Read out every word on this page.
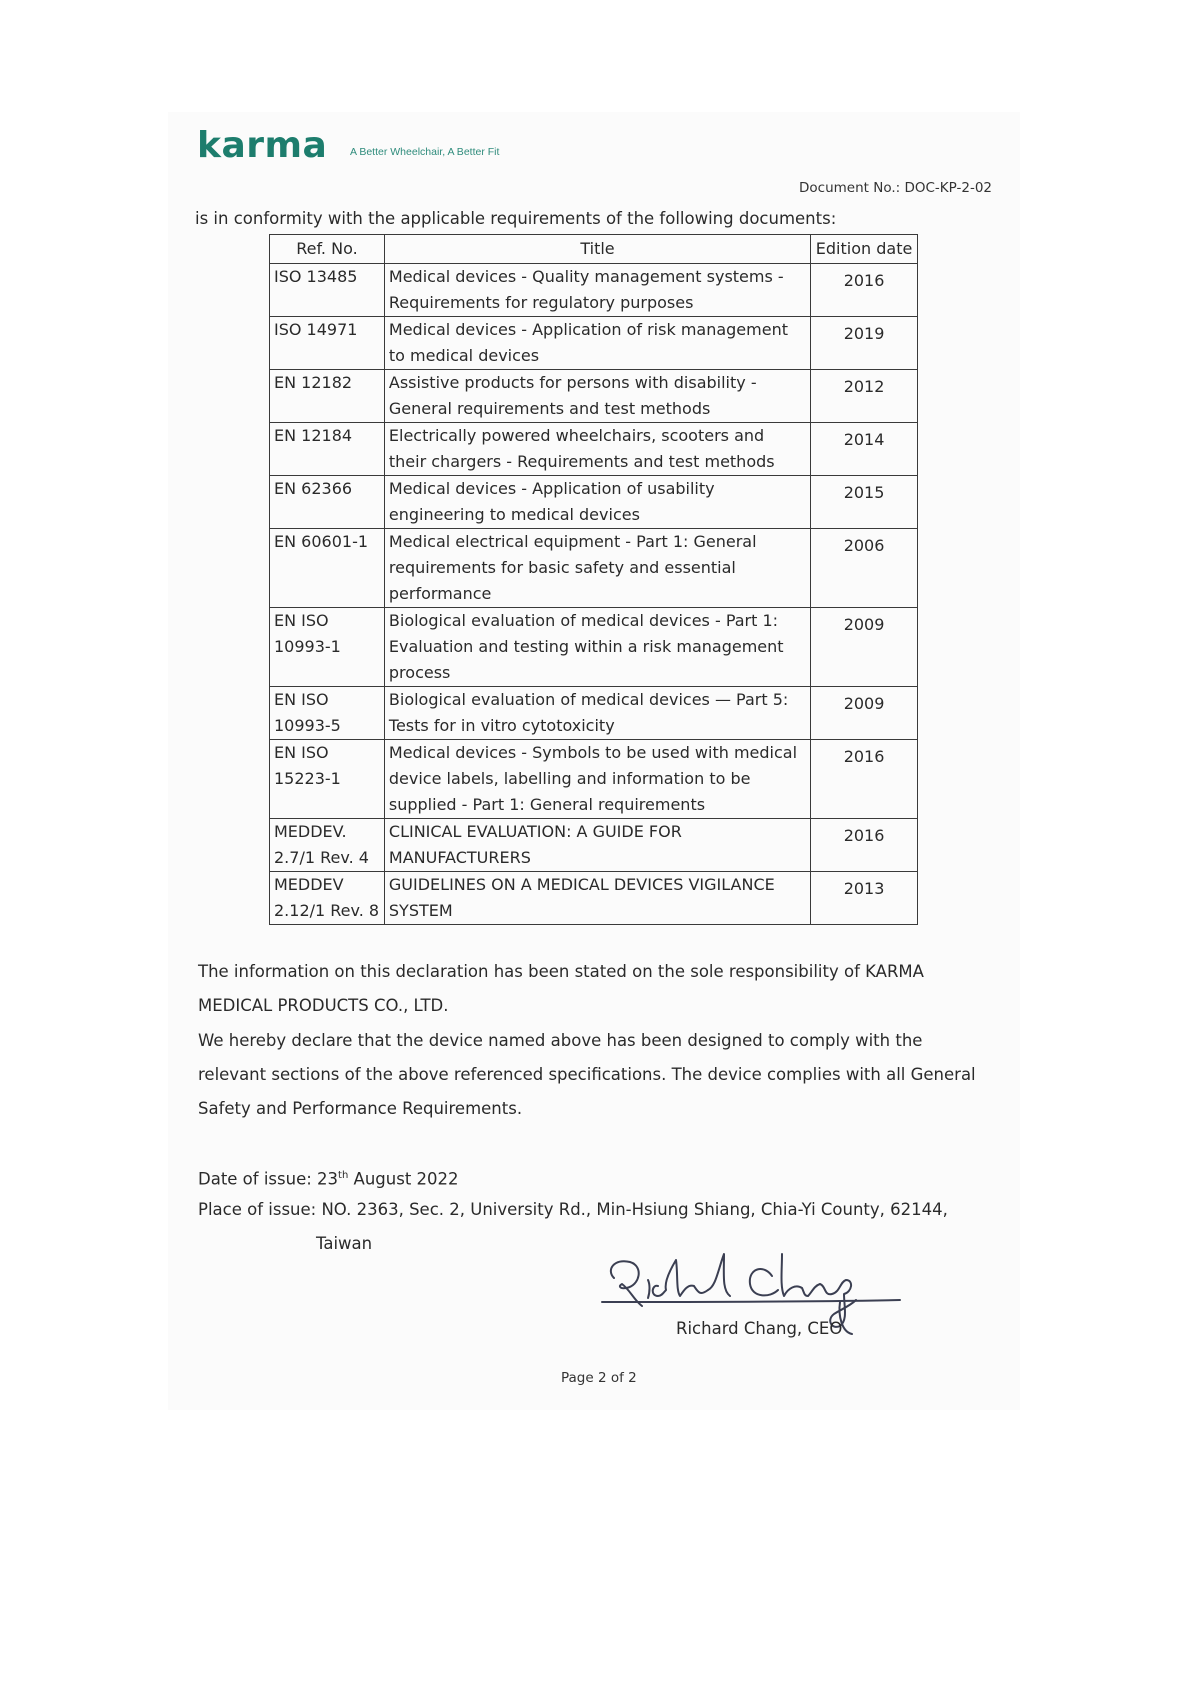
karma A Better Wheelchair, A Better Fit
Document No.: DOC-KP-2-02
is in conformity with the applicable requirements of the following documents:
Ref. No.	Title	Edition date
ISO 13485	Medical devices - Quality management systems - Requirements for regulatory purposes	2016
ISO 14971	Medical devices - Application of risk management to medical devices	2019
EN 12182	Assistive products for persons with disability - General requirements and test methods	2012
EN 12184	Electrically powered wheelchairs, scooters and their chargers - Requirements and test methods	2014
EN 62366	Medical devices - Application of usability engineering to medical devices	2015
EN 60601-1	Medical electrical equipment - Part 1: General requirements for basic safety and essential performance	2006
EN ISO 10993-1	Biological evaluation of medical devices - Part 1: Evaluation and testing within a risk management process	2009
EN ISO 10993-5	Biological evaluation of medical devices — Part 5: Tests for in vitro cytotoxicity	2009
EN ISO 15223-1	Medical devices - Symbols to be used with medical device labels, labelling and information to be supplied - Part 1: General requirements	2016
MEDDEV. 2.7/1 Rev. 4	CLINICAL EVALUATION: A GUIDE FOR MANUFACTURERS	2016
MEDDEV 2.12/1 Rev. 8	GUIDELINES ON A MEDICAL DEVICES VIGILANCE SYSTEM	2013
The information on this declaration has been stated on the sole responsibility of KARMA MEDICAL PRODUCTS CO., LTD.
We hereby declare that the device named above has been designed to comply with the relevant sections of the above referenced specifications. The device complies with all General Safety and Performance Requirements.
Date of issue: 23th August 2022
Place of issue: NO. 2363, Sec. 2, University Rd., Min-Hsiung Shiang, Chia-Yi County, 62144,
Taiwan
Richard Chang, CEO
Page 2 of 2
